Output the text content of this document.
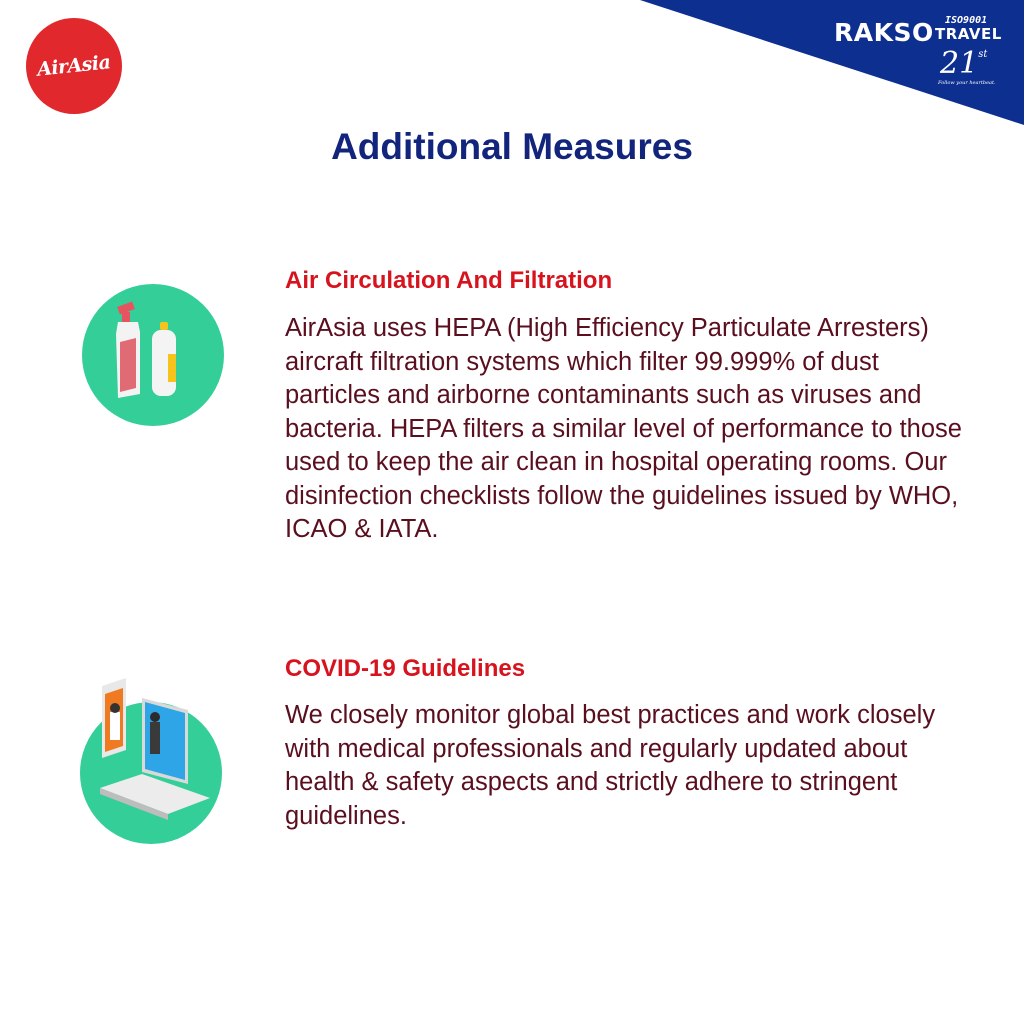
AirAsia
RAKSO ISO9001
TRAVEL
21st
Follow your heartbeat.
Additional Measures
Air Circulation And Filtration

AirAsia uses HEPA (High Efficiency Particulate Arresters) aircraft filtration systems which filter 99.999% of dust particles and airborne contaminants such as viruses and bacteria. HEPA filters a similar level of performance to those used to keep the air clean in hospital operating rooms. Our disinfection checklists follow the guidelines issued by WHO, ICAO & IATA.

COVID-19 Guidelines

We closely monitor global best practices and work closely with medical professionals and regularly updated about health & safety aspects and strictly adhere to stringent guidelines.
